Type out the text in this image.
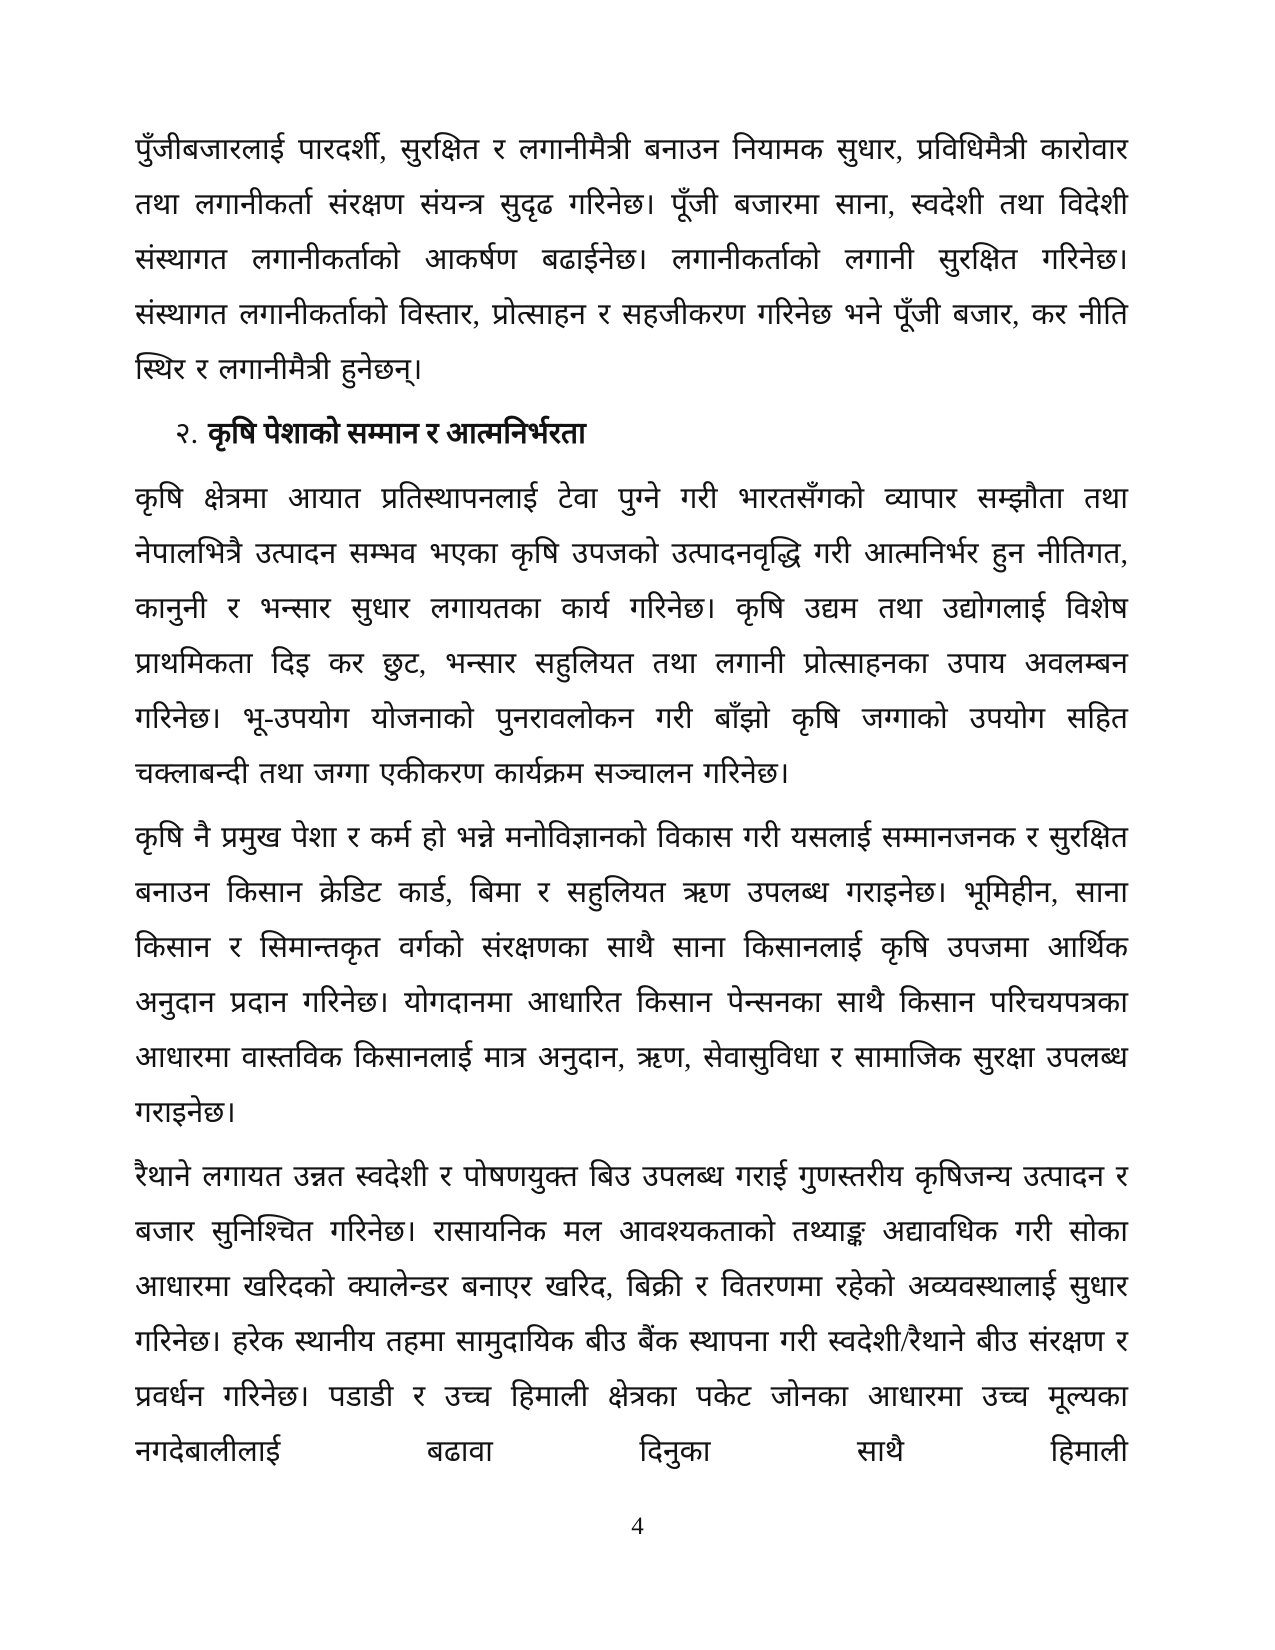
पुँजीबजारलाई पारदर्शी, सुरक्षित र लगानीमैत्री बनाउन नियामक सुधार, प्रविधिमैत्री कारोवार तथा लगानीकर्ता संरक्षण संयन्त्र सुदृढ गरिनेछ। पूँजी बजारमा साना, स्वदेशी तथा विदेशी संस्थागत लगानीकर्ताको आकर्षण बढाईनेछ। लगानीकर्ताको लगानी सुरक्षित गरिनेछ। संस्थागत लगानीकर्ताको विस्तार, प्रोत्साहन र सहजीकरण गरिनेछ भने पूँजी बजार, कर नीति स्थिर र लगानीमैत्री हुनेछन्।

२. कृषि पेशाको सम्मान र आत्मनिर्भरता

कृषि क्षेत्रमा आयात प्रतिस्थापनलाई टेवा पुग्ने गरी भारतसँगको व्यापार सम्झौता तथा नेपालभित्रै उत्पादन सम्भव भएका कृषि उपजको उत्पादनवृद्धि गरी आत्मनिर्भर हुन नीतिगत, कानुनी र भन्सार सुधार लगायतका कार्य गरिनेछ। कृषि उद्यम तथा उद्योगलाई विशेष प्राथमिकता दिइ कर छुट, भन्सार सहुलियत तथा लगानी प्रोत्साहनका उपाय अवलम्बन गरिनेछ। भू-उपयोग योजनाको पुनरावलोकन गरी बाँझो कृषि जग्गाको उपयोग सहित चक्लाबन्दी तथा जग्गा एकीकरण कार्यक्रम सञ्चालन गरिनेछ।

कृषि नै प्रमुख पेशा र कर्म हो भन्ने मनोविज्ञानको विकास गरी यसलाई सम्मानजनक र सुरक्षित बनाउन किसान क्रेडिट कार्ड, बिमा र सहुलियत ऋण उपलब्ध गराइनेछ। भूमिहीन, साना किसान र सिमान्तकृत वर्गको संरक्षणका साथै साना किसानलाई कृषि उपजमा आर्थिक अनुदान प्रदान गरिनेछ। योगदानमा आधारित किसान पेन्सनका साथै किसान परिचयपत्रका आधारमा वास्तविक किसानलाई मात्र अनुदान, ऋण, सेवासुविधा र सामाजिक सुरक्षा उपलब्ध गराइनेछ।

रैथाने लगायत उन्नत स्वदेशी र पोषणयुक्त बिउ उपलब्ध गराई गुणस्तरीय कृषिजन्य उत्पादन र बजार सुनिश्चित गरिनेछ। रासायनिक मल आवश्यकताको तथ्याङ्क अद्यावधिक गरी सोका आधारमा खरिदको क्यालेन्डर बनाएर खरिद, बिक्री र वितरणमा रहेको अव्यवस्थालाई सुधार गरिनेछ। हरेक स्थानीय तहमा सामुदायिक बीउ बैंक स्थापना गरी स्वदेशी/रैथाने बीउ संरक्षण र प्रवर्धन गरिनेछ। पडाडी र उच्च हिमाली क्षेत्रका पकेट जोनका आधारमा उच्च मूल्यका नगदेबालीलाई बढावा दिनुका साथै हिमाली

4
